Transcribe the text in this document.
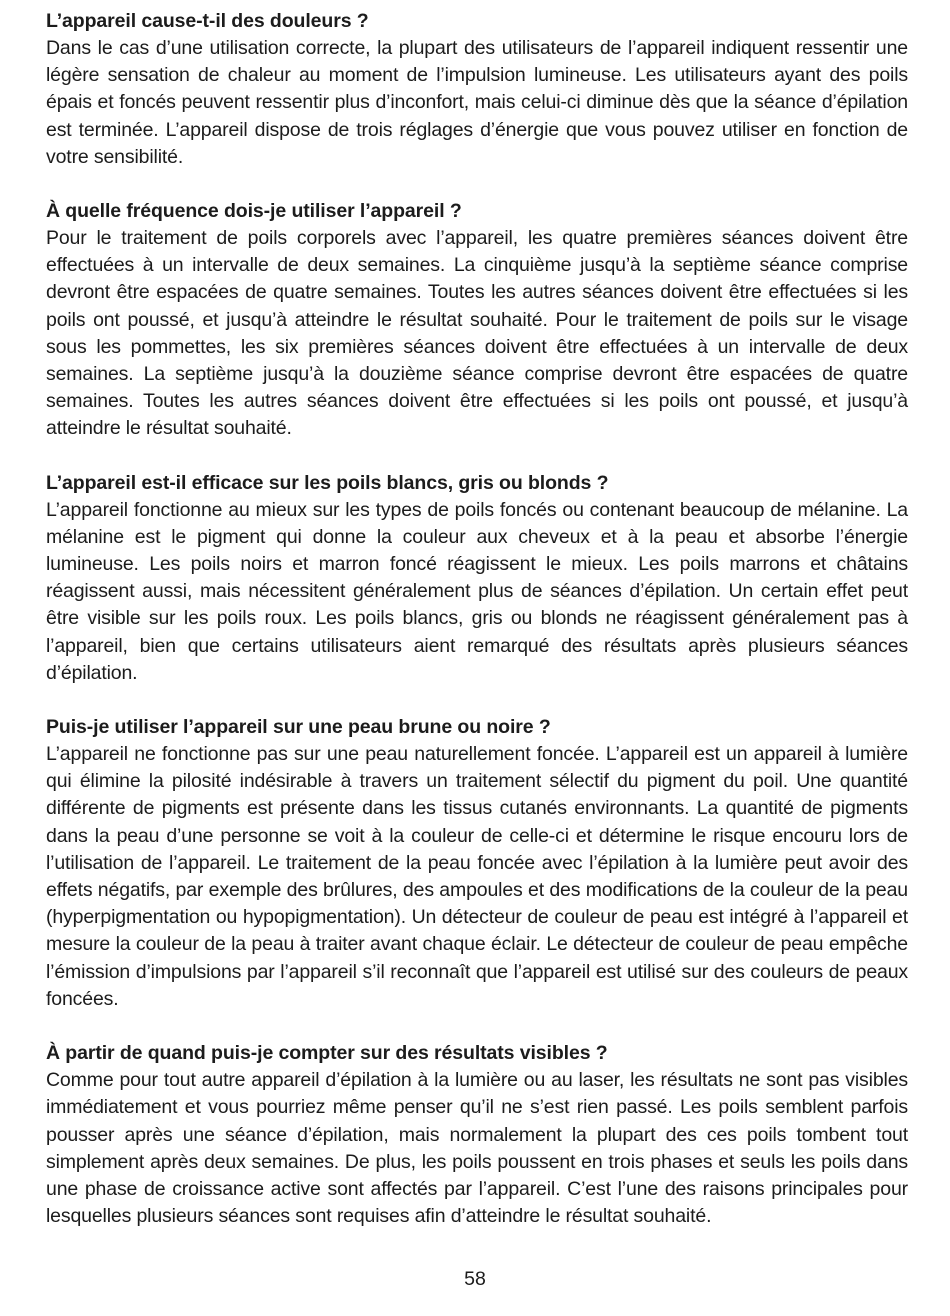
L’appareil cause-t-il des douleurs ?

Dans le cas d’une utilisation correcte, la plupart des utilisateurs de l’appareil indiquent ressentir une légère sensation de chaleur au moment de l’impulsion lumineuse. Les utilisateurs ayant des poils épais et foncés peuvent ressentir plus d’inconfort, mais celui-ci diminue dès que la séance d’épilation est terminée. L’appareil dispose de trois réglages d’énergie que vous pouvez utiliser en fonction de votre sensibilité.

À quelle fréquence dois-je utiliser l’appareil ?

Pour le traitement de poils corporels avec l’appareil, les quatre premières séances doivent être effectuées à un intervalle de deux semaines. La cinquième jusqu’à la septième séance comprise devront être espacées de quatre semaines. Toutes les autres séances doivent être effectuées si les poils ont poussé, et jusqu’à atteindre le résultat souhaité. Pour le traitement de poils sur le visage sous les pommettes, les six premières séances doivent être effectuées à un intervalle de deux semaines. La septième jusqu’à la douzième séance comprise devront être espacées de quatre semaines. Toutes les autres séances doivent être effectuées si les poils ont poussé, et jusqu’à atteindre le résultat souhaité.

L’appareil est-il efficace sur les poils blancs, gris ou blonds ?

L’appareil fonctionne au mieux sur les types de poils foncés ou contenant beaucoup de mélanine. La mélanine est le pigment qui donne la couleur aux cheveux et à la peau et absorbe l’énergie lumineuse. Les poils noirs et marron foncé réagissent le mieux. Les poils marrons et châtains réagissent aussi, mais nécessitent généralement plus de séances d’épilation. Un certain effet peut être visible sur les poils roux. Les poils blancs, gris ou blonds ne réagissent généralement pas à l’appareil, bien que certains utilisateurs aient remarqué des résultats après plusieurs séances d’épilation.

Puis-je utiliser l’appareil sur une peau brune ou noire ?

L’appareil ne fonctionne pas sur une peau naturellement foncée. L’appareil est un appareil à lumière qui élimine la pilosité indésirable à travers un traitement sélectif du pigment du poil. Une quantité différente de pigments est présente dans les tissus cutanés environnants. La quantité de pigments dans la peau d’une personne se voit à la couleur de celle-ci et détermine le risque encouru lors de l’utilisation de l’appareil. Le traitement de la peau foncée avec l’épilation à la lumière peut avoir des effets négatifs, par exemple des brûlures, des ampoules et des modifications de la couleur de la peau (hyperpigmentation ou hypopigmentation). Un détecteur de couleur de peau est intégré à l’appareil et mesure la couleur de la peau à traiter avant chaque éclair. Le détecteur de couleur de peau empêche l’émission d’impulsions par l’appareil s’il reconnaît que l’appareil est utilisé sur des couleurs de peaux foncées.

À partir de quand puis-je compter sur des résultats visibles ?

Comme pour tout autre appareil d’épilation à la lumière ou au laser, les résultats ne sont pas visibles immédiatement et vous pourriez même penser qu’il ne s’est rien passé. Les poils semblent parfois pousser après une séance d’épilation, mais normalement la plupart des ces poils tombent tout simplement après deux semaines. De plus, les poils poussent en trois phases et seuls les poils dans une phase de croissance active sont affectés par l’appareil. C’est l’une des raisons principales pour lesquelles plusieurs séances sont requises afin d’atteindre le résultat souhaité.

58
